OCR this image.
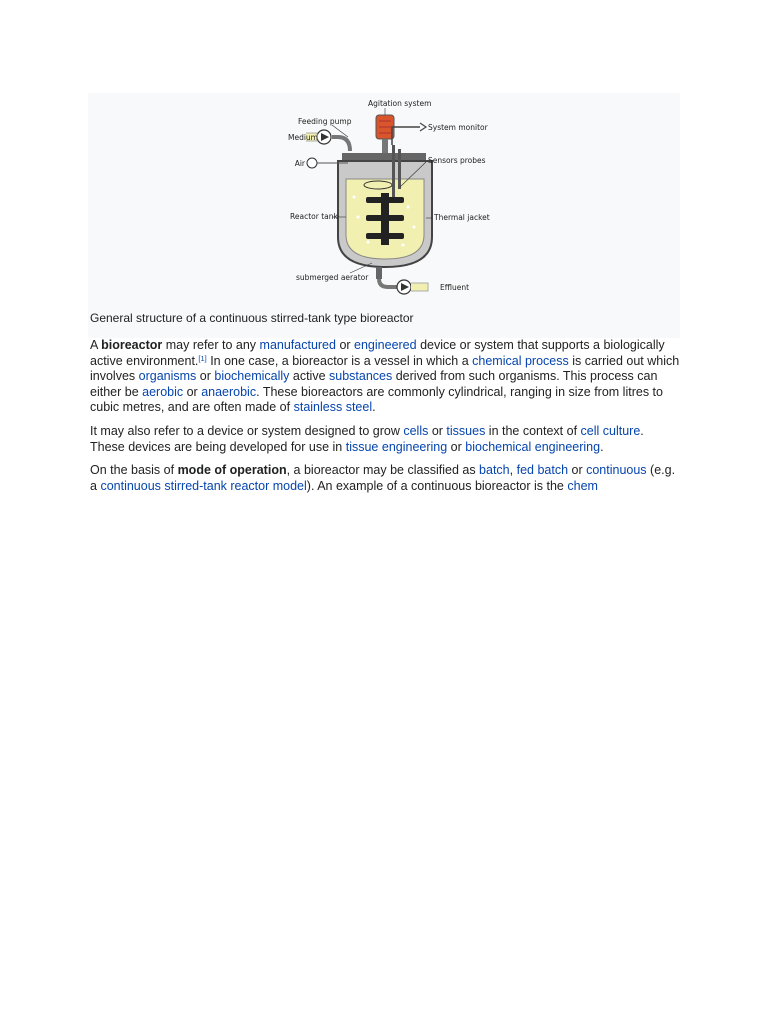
Agitation system
Feeding pump
Medium
Air
Reactor tank
submerged aerator
System monitor
Sensors probes
Thermal jacket
Effluent
General structure of a continuous stirred-tank type bioreactor

A bioreactor may refer to any manufactured or engineered device or system that supports a biologically active environment.[1] In one case, a bioreactor is a vessel in which a chemical process is carried out which involves organisms or biochemically active substances derived from such organisms. This process can either be aerobic or anaerobic. These bioreactors are commonly cylindrical, ranging in size from litres to cubic metres, and are often made of stainless steel.

It may also refer to a device or system designed to grow cells or tissues in the context of cell culture. These devices are being developed for use in tissue engineering or biochemical engineering.

On the basis of mode of operation, a bioreactor may be classified as batch, fed batch or continuous (e.g. a continuous stirred-tank reactor model). An example of a continuous bioreactor is the chem
